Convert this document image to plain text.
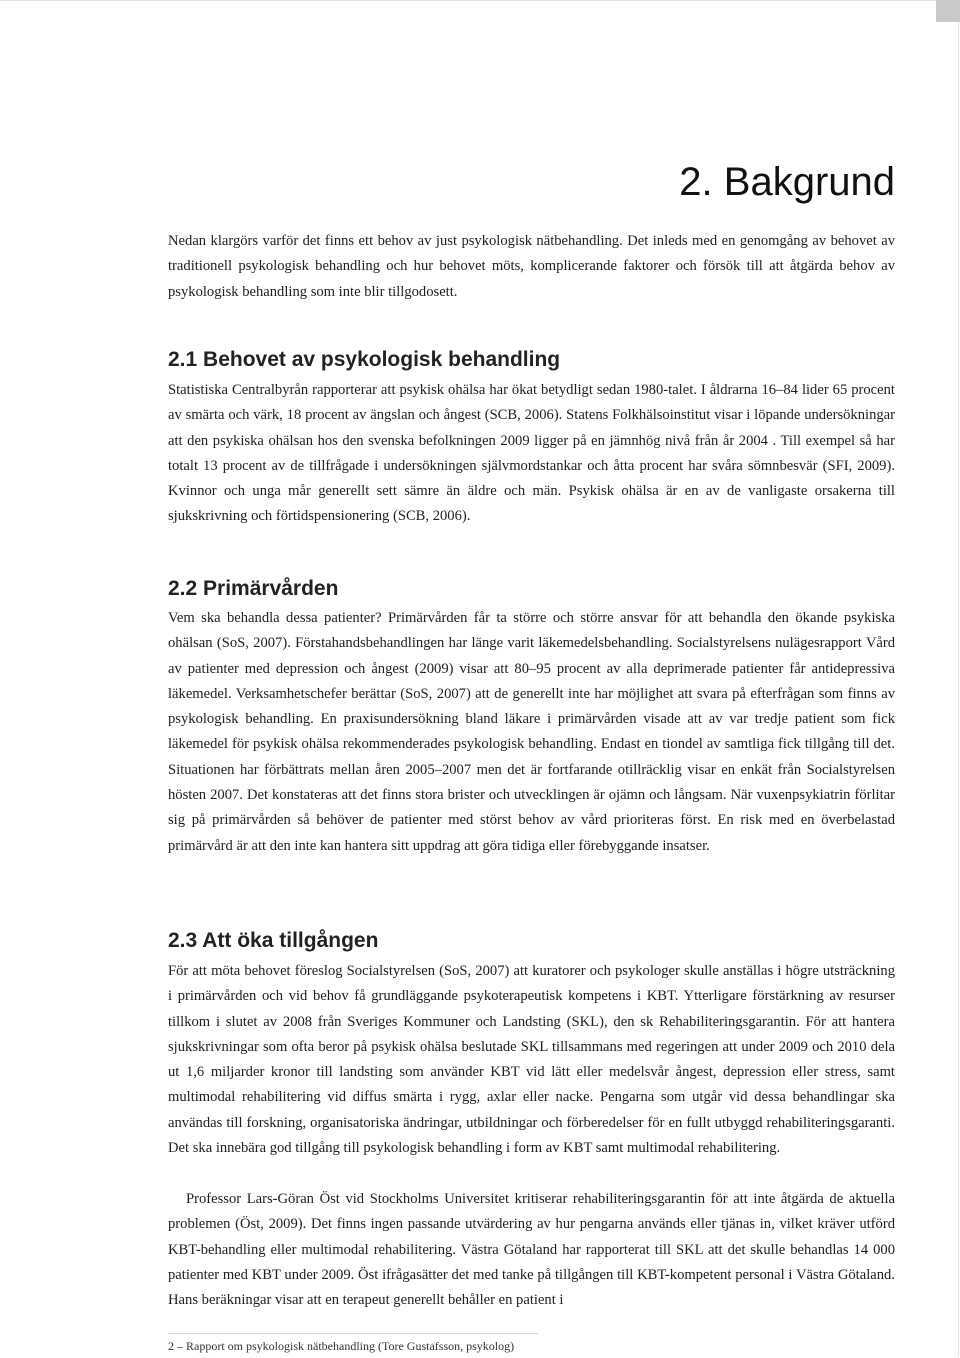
2. Bakgrund

Nedan klargörs varför det finns ett behov av just psykologisk nätbehandling. Det inleds med en genomgång av behovet av traditionell psykologisk behandling och hur behovet möts, komplicerande faktorer och försök till att åtgärda behov av psykologisk behandling som inte blir tillgodosett.

2.1 Behovet av psykologisk behandling

Statistiska Centralbyrån rapporterar att psykisk ohälsa har ökat betydligt sedan 1980-talet. I åldrarna 16–84 lider 65 procent av smärta och värk, 18 procent av ängslan och ångest (SCB, 2006). Statens Folkhälsoinstitut visar i löpande undersökningar att den psykiska ohälsan hos den svenska befolkningen 2009 ligger på en jämnhög nivå från år 2004 . Till exempel så har totalt 13 procent av de tillfrågade i undersökningen självmordstankar och åtta procent har svåra sömnbesvär (SFI, 2009). Kvinnor och unga mår generellt sett sämre än äldre och män. Psykisk ohälsa är en av de vanligaste orsakerna till sjukskrivning och förtidspensionering (SCB, 2006).

2.2 Primärvården

Vem ska behandla dessa patienter? Primärvården får ta större och större ansvar för att behandla den ökande psykiska ohälsan (SoS, 2007). Förstahandsbehandlingen har länge varit läkemedelsbehandling. Socialstyrelsens nulägesrapport Vård av patienter med depression och ångest (2009) visar att 80–95 procent av alla deprimerade patienter får antidepressiva läkemedel. Verksamhetschefer berättar (SoS, 2007) att de generellt inte har möjlighet att svara på efterfrågan som finns av psykologisk behandling. En praxisundersökning bland läkare i primärvården visade att av var tredje patient som fick läkemedel för psykisk ohälsa rekommenderades psykologisk behandling. Endast en tiondel av samtliga fick tillgång till det. Situationen har förbättrats mellan åren 2005–2007 men det är fortfarande otillräcklig visar en enkät från Socialstyrelsen hösten 2007. Det konstateras att det finns stora brister och utvecklingen är ojämn och långsam. När vuxenpsykiatrin förlitar sig på primärvården så behöver de patienter med störst behov av vård prioriteras först. En risk med en överbelastad primärvård är att den inte kan hantera sitt uppdrag att göra tidiga eller förebyggande insatser.

2.3 Att öka tillgången

För att möta behovet föreslog Socialstyrelsen (SoS, 2007) att kuratorer och psykologer skulle anställas i högre utsträckning i primärvården och vid behov få grundläggande psykoterapeutisk kompetens i KBT. Ytterligare förstärkning av resurser tillkom i slutet av 2008 från Sveriges Kommuner och Landsting (SKL), den sk Rehabiliteringsgarantin. För att hantera sjukskrivningar som ofta beror på psykisk ohälsa beslutade SKL tillsammans med regeringen att under 2009 och 2010 dela ut 1,6 miljarder kronor till landsting som använder KBT vid lätt eller medelsvår ångest, depression eller stress, samt multimodal rehabilitering vid diffus smärta i rygg, axlar eller nacke. Pengarna som utgår vid dessa behandlingar ska användas till forskning, organisatoriska ändringar, utbildningar och förberedelser för en fullt utbyggd rehabiliteringsgaranti. Det ska innebära god tillgång till psykologisk behandling i form av KBT samt multimodal rehabilitering.

Professor Lars-Göran Öst vid Stockholms Universitet kritiserar rehabiliteringsgarantin för att inte åtgärda de aktuella problemen (Öst, 2009). Det finns ingen passande utvärdering av hur pengarna används eller tjänas in, vilket kräver utförd KBT-behandling eller multimodal rehabilitering. Västra Götaland har rapporterat till SKL att det skulle behandlas 14 000 patienter med KBT under 2009. Öst ifrågasätter det med tanke på tillgången till KBT-kompetent personal i Västra Götaland. Hans beräkningar visar att en terapeut generellt behåller en patient i

2 – Rapport om psykologisk nätbehandling (Tore Gustafsson, psykolog)
